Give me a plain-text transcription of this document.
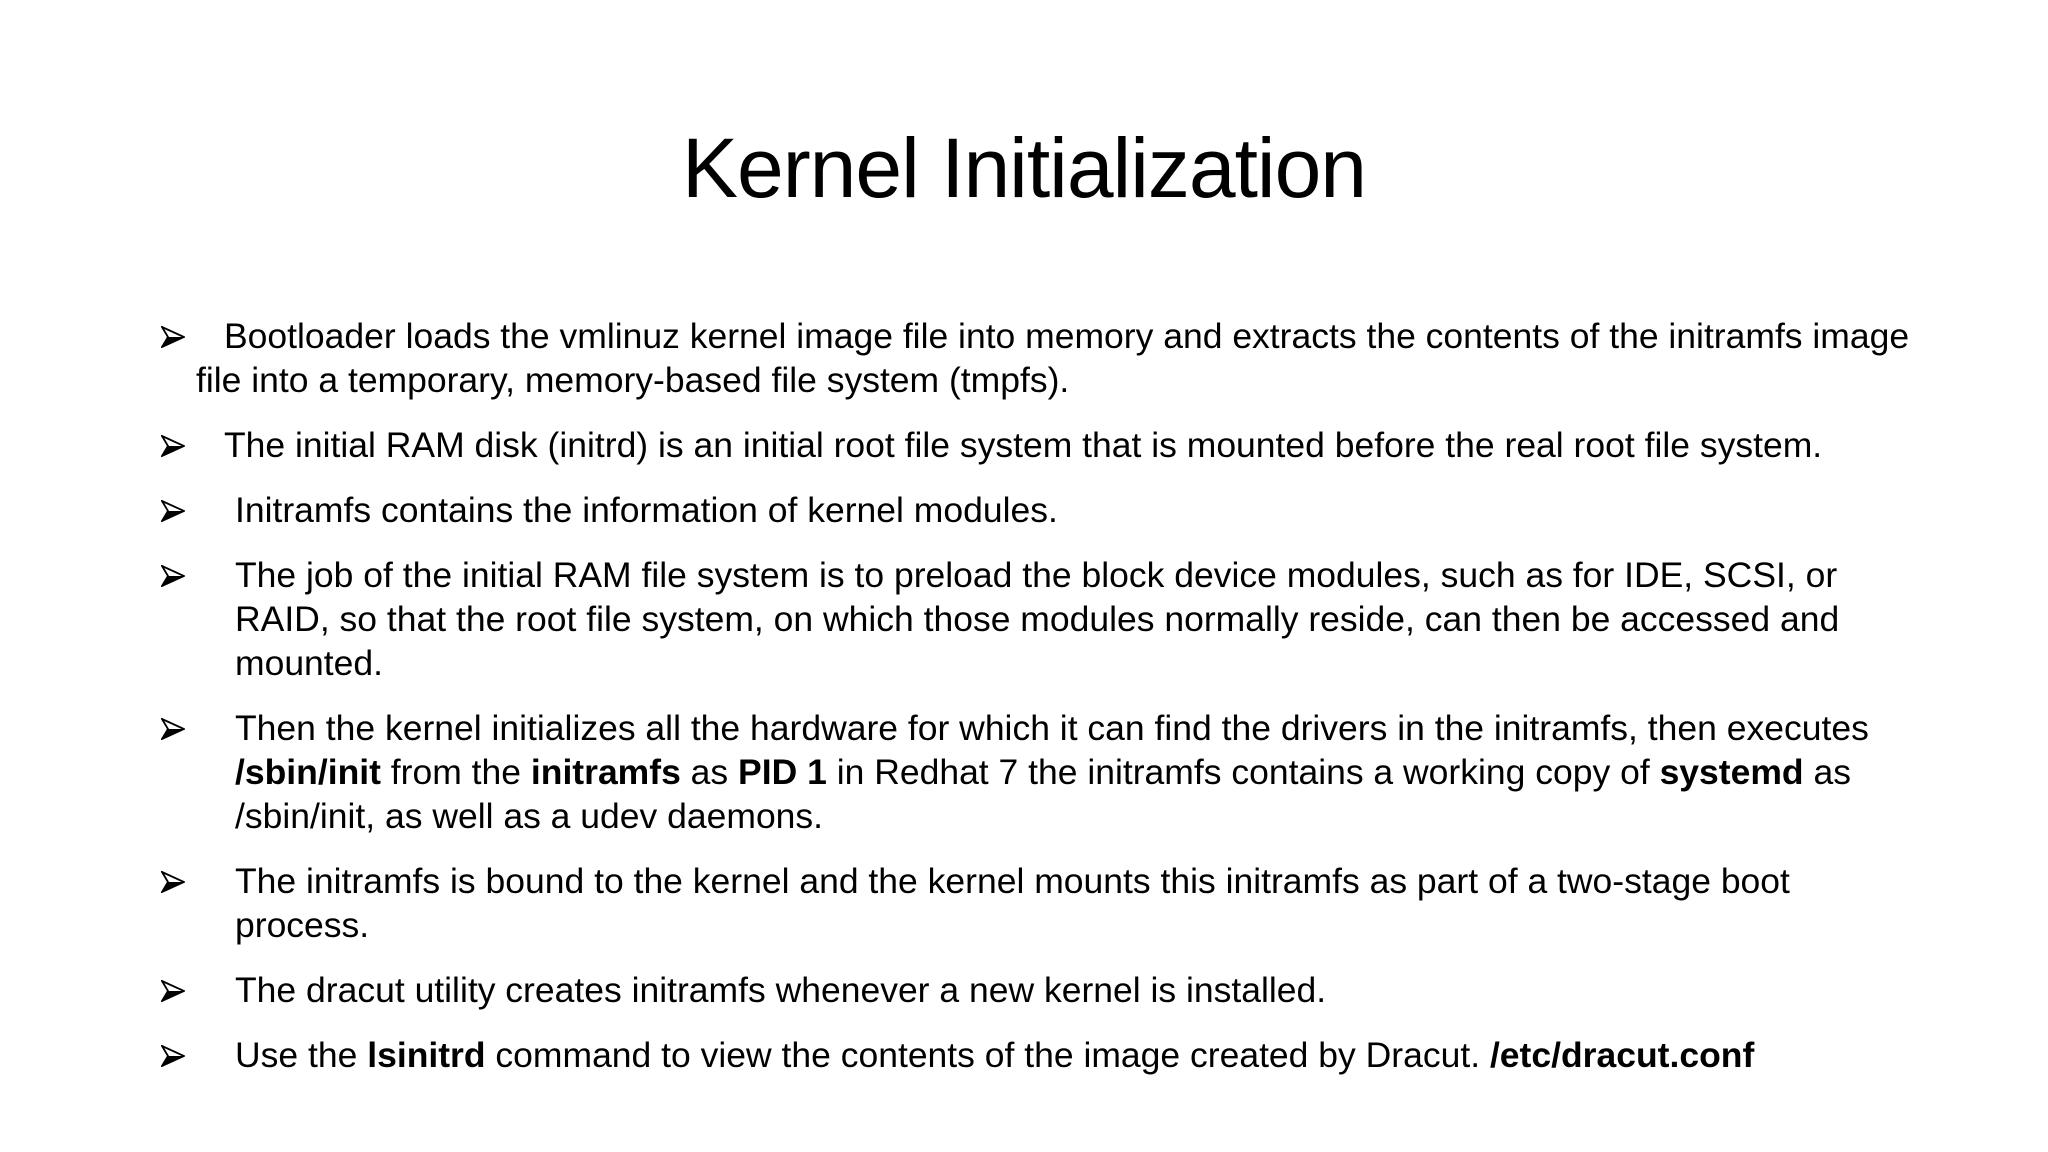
Kernel Initialization
Bootloader loads the vmlinuz kernel image file into memory and extracts the contents of the initramfs image file into a temporary, memory-based file system (tmpfs).
The initial RAM disk (initrd) is an initial root file system that is mounted before the real root file system.
Initramfs contains the information of kernel modules.
The job of the initial RAM file system is to preload the block device modules, such as for IDE, SCSI, or RAID, so that the root file system, on which those modules normally reside, can then be accessed and mounted.
Then the kernel initializes all the hardware for which it can find the drivers in the initramfs, then executes /sbin/init from the initramfs as PID 1 in Redhat 7 the initramfs contains a working copy of systemd as /sbin/init, as well as a udev daemons.
The initramfs is bound to the kernel and the kernel mounts this initramfs as part of a two-stage boot process.
The dracut utility creates initramfs whenever a new kernel is installed.
Use the lsinitrd command to view the contents of the image created by Dracut. /etc/dracut.conf
